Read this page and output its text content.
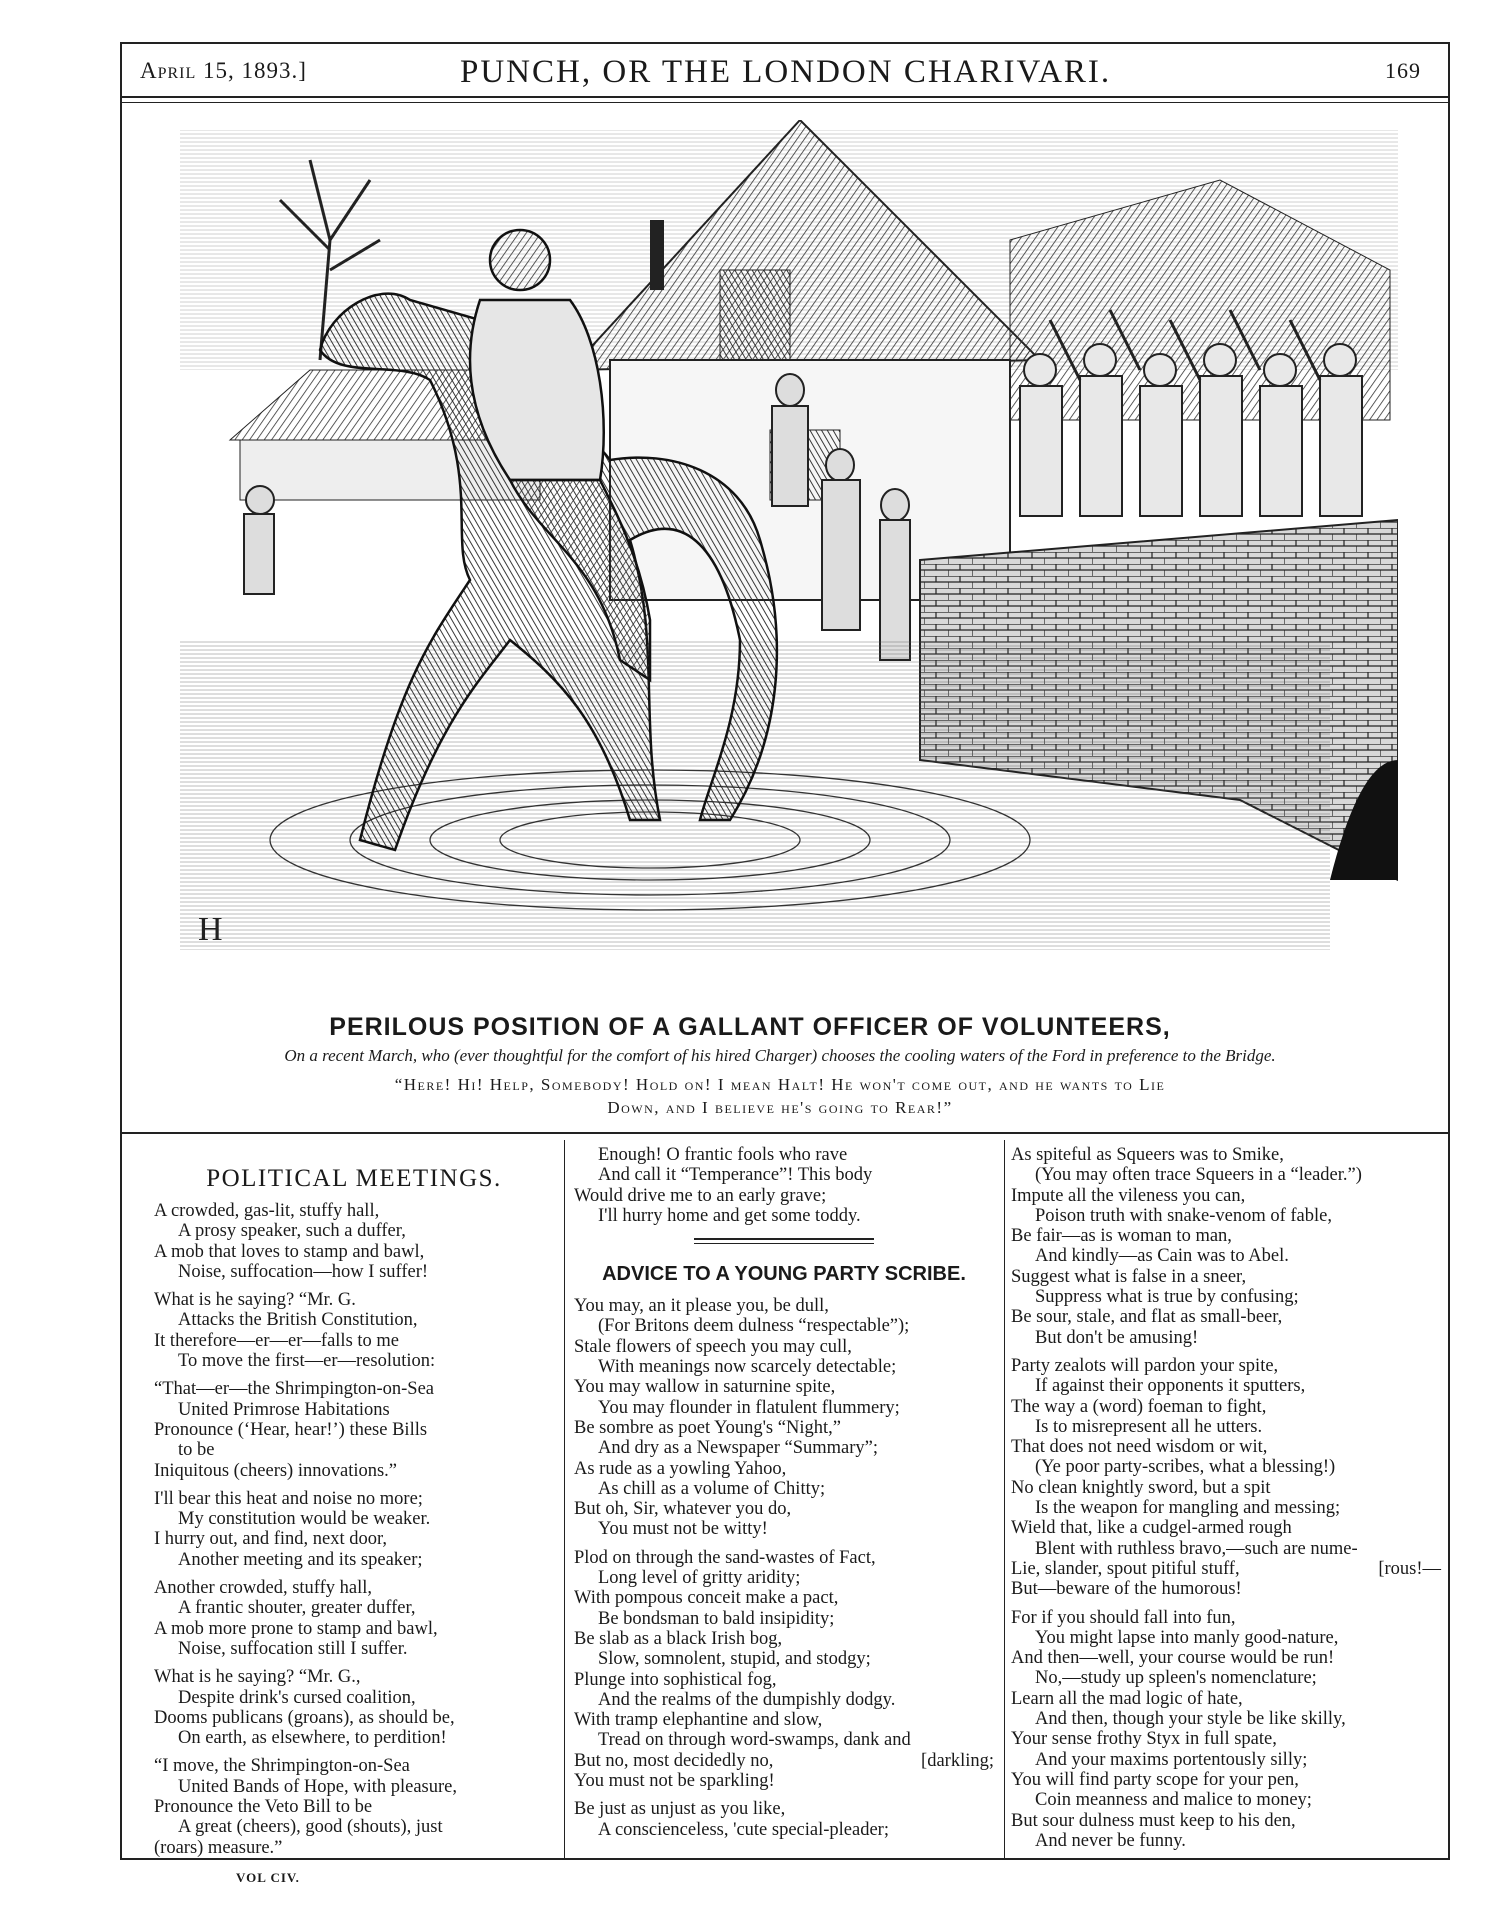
April 15, 1893.]	PUNCH, OR THE LONDON CHARIVARI.	169
H
PERILOUS POSITION OF A GALLANT OFFICER OF VOLUNTEERS,
On a recent March, who (ever thoughtful for the comfort of his hired Charger) chooses the cooling waters of the Ford in preference to the Bridge.
“Here! Hi! Help, Somebody! Hold on! I mean Halt! He won't come out, and he wants to Lie
Down, and I believe he's going to Rear!”
POLITICAL MEETINGS.
A crowded, gas-lit, stuffy hall,
A prosy speaker, such a duffer,
A mob that loves to stamp and bawl,
Noise, suffocation—how I suffer!
What is he saying? “Mr. G.
Attacks the British Constitution,
It therefore—er—er—falls to me
To move the first—er—resolution:
“That—er—the Shrimpington-on-Sea
United Primrose Habitations
Pronounce (‘Hear, hear!’) these Bills
to be
Iniquitous (cheers) innovations.”
I'll bear this heat and noise no more;
My constitution would be weaker.
I hurry out, and find, next door,
Another meeting and its speaker;
Another crowded, stuffy hall,
A frantic shouter, greater duffer,
A mob more prone to stamp and bawl,
Noise, suffocation still I suffer.
What is he saying? “Mr. G.,
Despite drink's cursed coalition,
Dooms publicans (groans), as should be,
On earth, as elsewhere, to perdition!
“I move, the Shrimpington-on-Sea
United Bands of Hope, with pleasure,
Pronounce the Veto Bill to be
A great (cheers), good (shouts), just
(roars) measure.”
Enough! O frantic fools who rave
And call it “Temperance”! This body
Would drive me to an early grave;
I'll hurry home and get some toddy.
ADVICE TO A YOUNG PARTY SCRIBE.
You may, an it please you, be dull,
(For Britons deem dulness “respectable”);
Stale flowers of speech you may cull,
With meanings now scarcely detectable;
You may wallow in saturnine spite,
You may flounder in flatulent flummery;
Be sombre as poet Young's “Night,”
And dry as a Newspaper “Summary”;
As rude as a yowling Yahoo,
As chill as a volume of Chitty;
But oh, Sir, whatever you do,
You must not be witty!
Plod on through the sand-wastes of Fact,
Long level of gritty aridity;
With pompous conceit make a pact,
Be bondsman to bald insipidity;
Be slab as a black Irish bog,
Slow, somnolent, stupid, and stodgy;
Plunge into sophistical fog,
And the realms of the dumpishly dodgy.
With tramp elephantine and slow,
Tread on through word-swamps, dank and
But no, most decidedly no,	[darkling;
You must not be sparkling!
Be just as unjust as you like,
A conscienceless, 'cute special-pleader;
As spiteful as Squeers was to Smike,
(You may often trace Squeers in a “leader.”)
Impute all the vileness you can,
Poison truth with snake-venom of fable,
Be fair—as is woman to man,
And kindly—as Cain was to Abel.
Suggest what is false in a sneer,
Suppress what is true by confusing;
Be sour, stale, and flat as small-beer,
But don't be amusing!
Party zealots will pardon your spite,
If against their opponents it sputters,
The way a (word) foeman to fight,
Is to misrepresent all he utters.
That does not need wisdom or wit,
(Ye poor party-scribes, what a blessing!)
No clean knightly sword, but a spit
Is the weapon for mangling and messing;
Wield that, like a cudgel-armed rough
Blent with ruthless bravo,—such are nume-
Lie, slander, spout pitiful stuff,	[rous!—
But—beware of the humorous!
For if you should fall into fun,
You might lapse into manly good-nature,
And then—well, your course would be run!
No,—study up spleen's nomenclature;
Learn all the mad logic of hate,
And then, though your style be like skilly,
Your sense frothy Styx in full spate,
And your maxims portentously silly;
You will find party scope for your pen,
Coin meanness and malice to money;
But sour dulness must keep to his den,
And never be funny.
VOL CIV.
